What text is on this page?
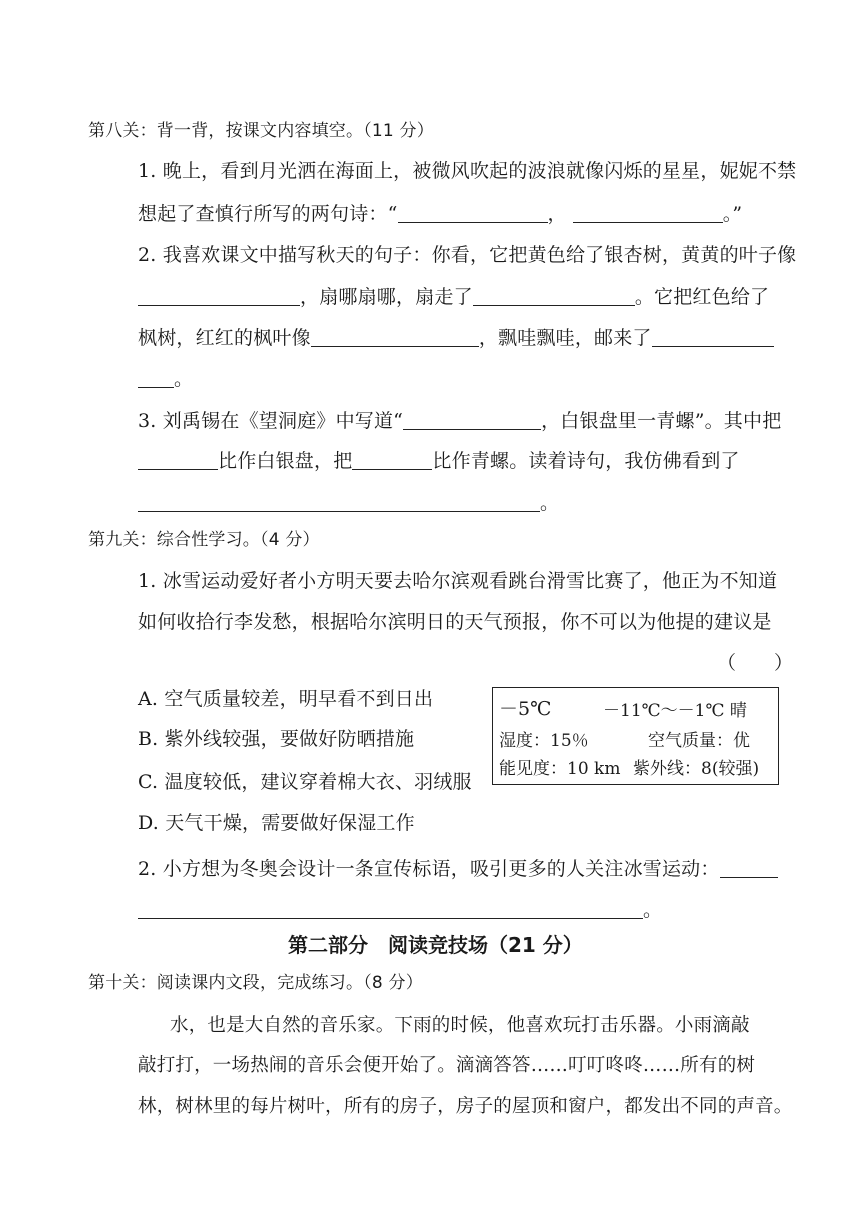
第八关：背一背，按课文内容填空。（11 分）
1. 晚上，看到月光洒在海面上，被微风吹起的波浪就像闪烁的星星，妮妮不禁
想起了查慎行所写的两句诗：“	，	。”
2. 我喜欢课文中描写秋天的句子：你看，它把黄色给了银杏树，黄黄的叶子像
，扇哪扇哪，扇走了	。它把红色给了
枫树，红红的枫叶像	，飘哇飘哇，邮来了
。
3. 刘禹锡在《望洞庭》中写道“	，白银盘里一青螺”。其中把
比作白银盘，把	比作青螺。读着诗句，我仿佛看到了
。
第九关：综合性学习。（4 分）
1. 冰雪运动爱好者小方明天要去哈尔滨观看跳台滑雪比赛了，他正为不知道
如何收拾行李发愁，根据哈尔滨明日的天气预报，你不可以为他提的建议是
（　　）
A. 空气质量较差，明早看不到日出
B. 紫外线较强，要做好防晒措施
C. 温度较低，建议穿着棉大衣、羽绒服
D. 天气干燥，需要做好保湿工作
－5℃	－11℃～－1℃ 晴
湿度：15％	空气质量：优
能见度：10 km 紫外线：8(较强)
2. 小方想为冬奥会设计一条宣传标语，吸引更多的人关注冰雪运动：
。
第二部分　阅读竞技场（21 分）
第十关：阅读课内文段，完成练习。（8 分）
水，也是大自然的音乐家。下雨的时候，他喜欢玩打击乐器。小雨滴敲
敲打打，一场热闹的音乐会便开始了。滴滴答答……叮叮咚咚……所有的树
林，树林里的每片树叶，所有的房子，房子的屋顶和窗户，都发出不同的声音。
